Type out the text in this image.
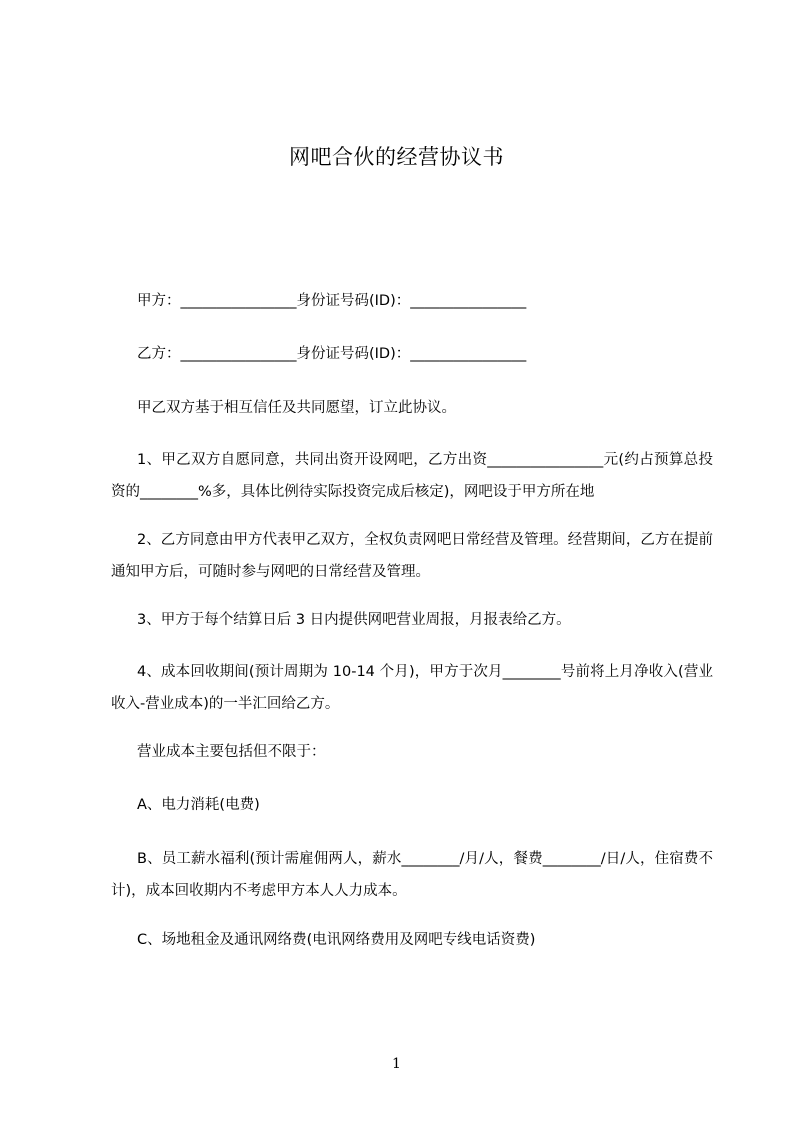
网吧合伙的经营协议书
甲方：________________身份证号码(ID)：________________
乙方：________________身份证号码(ID)：________________
甲乙双方基于相互信任及共同愿望，订立此协议。
1、甲乙双方自愿同意，共同出资开设网吧，乙方出资________________元(约占预算总投资的________%多，具体比例待实际投资完成后核定)，网吧设于甲方所在地
2、乙方同意由甲方代表甲乙双方，全权负责网吧日常经营及管理。经营期间，乙方在提前通知甲方后，可随时参与网吧的日常经营及管理。
3、甲方于每个结算日后 3 日内提供网吧营业周报，月报表给乙方。
4、成本回收期间(预计周期为 10-14 个月)，甲方于次月________号前将上月净收入(营业收入-营业成本)的一半汇回给乙方。
营业成本主要包括但不限于：
A、电力消耗(电费)
B、员工薪水福利(预计需雇佣两人，薪水________/月/人，餐费________/日/人，住宿费不计)，成本回收期内不考虑甲方本人人力成本。
C、场地租金及通讯网络费(电讯网络费用及网吧专线电话资费)
1
